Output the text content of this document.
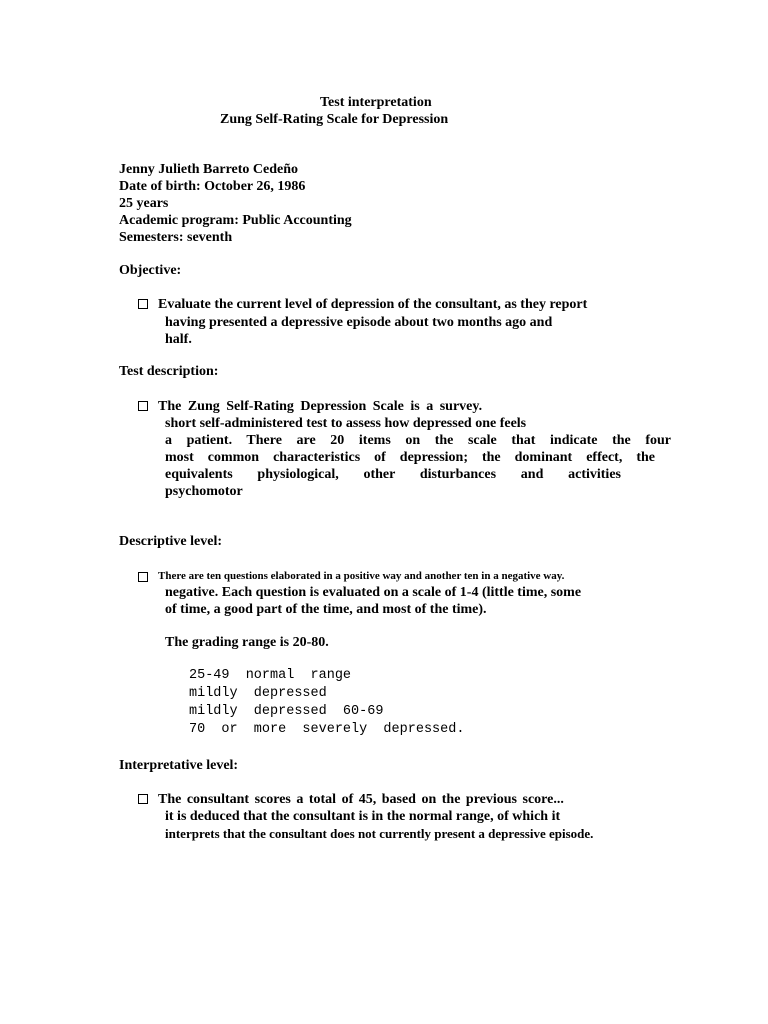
Test interpretation
Zung Self-Rating Scale for Depression
Jenny Julieth Barreto Cedeño
Date of birth: October 26, 1986
25 years
Academic program: Public Accounting
Semesters: seventh
Objective:
Evaluate the current level of depression of the consultant, as they report
having presented a depressive episode about two months ago and
half.
Test description:
The Zung Self-Rating Depression Scale is a survey.
short self-administered test to assess how depressed one feels
a patient. There are 20 items on the scale that indicate the four
most common characteristics of depression; the dominant effect, the
equivalents physiological, other disturbances and activities
psychomotor
Descriptive level:
There are ten questions elaborated in a positive way and another ten in a negative way.
negative. Each question is evaluated on a scale of 1-4 (little time, some
of time, a good part of the time, and most of the time).
The grading range is 20-80.
25-49  normal  range
mildly  depressed
mildly  depressed  60-69
70  or  more  severely  depressed.
Interpretative level:
The consultant scores a total of 45, based on the previous score...
it is deduced that the consultant is in the normal range, of which it
interprets that the consultant does not currently present a depressive episode.
